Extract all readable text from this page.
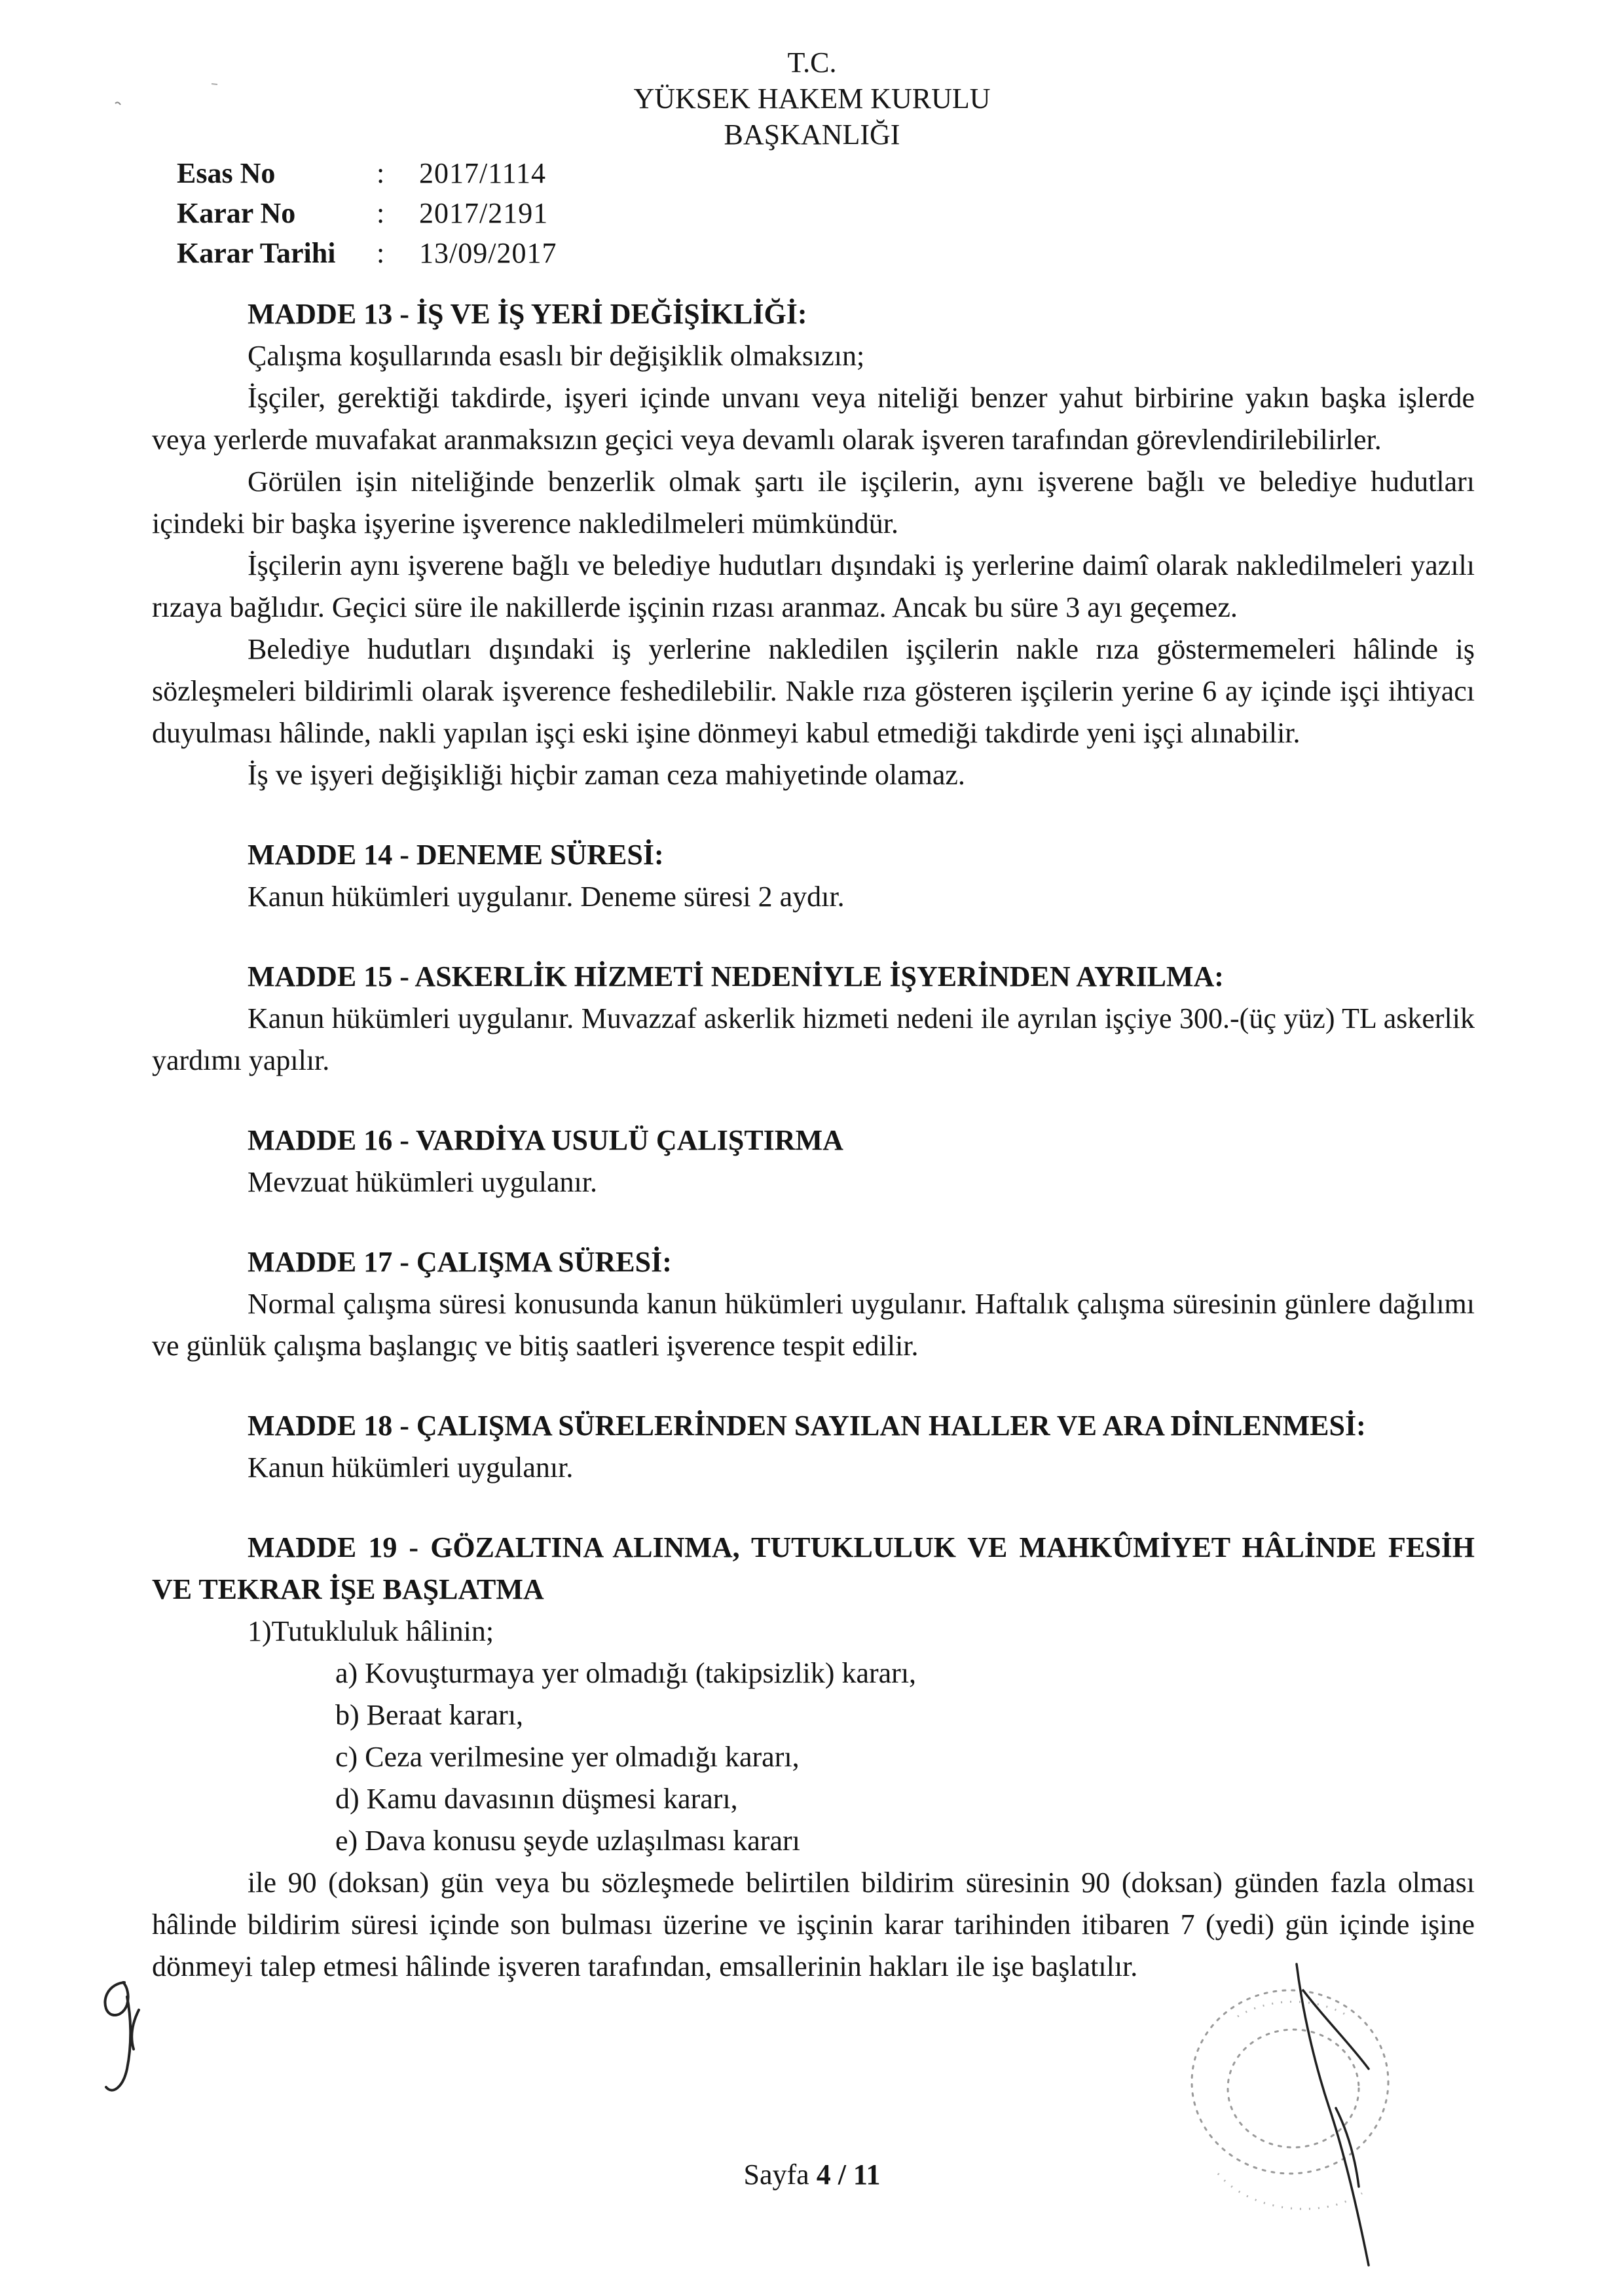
T.C.
YÜKSEK HAKEM KURULU
BAŞKANLIĞI
Esas No	:	2017/1114
Karar No	:	2017/2191
Karar Tarihi	:	13/09/2017
MADDE 13 - İŞ VE İŞ YERİ DEĞİŞİKLİĞİ:

Çalışma koşullarında esaslı bir değişiklik olmaksızın;

İşçiler, gerektiği takdirde, işyeri içinde unvanı veya niteliği benzer yahut birbirine yakın başka işlerde veya yerlerde muvafakat aranmaksızın geçici veya devamlı olarak işveren tarafından görevlendirilebilirler.

Görülen işin niteliğinde benzerlik olmak şartı ile işçilerin, aynı işverene bağlı ve belediye hudutları içindeki bir başka işyerine işverence nakledilmeleri mümkündür.

İşçilerin aynı işverene bağlı ve belediye hudutları dışındaki iş yerlerine daimî olarak nakledilmeleri yazılı rızaya bağlıdır. Geçici süre ile nakillerde işçinin rızası aranmaz. Ancak bu süre 3 ayı geçemez.

Belediye hudutları dışındaki iş yerlerine nakledilen işçilerin nakle rıza göstermemeleri hâlinde iş sözleşmeleri bildirimli olarak işverence feshedilebilir. Nakle rıza gösteren işçilerin yerine 6 ay içinde işçi ihtiyacı duyulması hâlinde, nakli yapılan işçi eski işine dönmeyi kabul etmediği takdirde yeni işçi alınabilir.

İş ve işyeri değişikliği hiçbir zaman ceza mahiyetinde olamaz.

MADDE 14 - DENEME SÜRESİ:

Kanun hükümleri uygulanır. Deneme süresi 2 aydır.

MADDE 15 - ASKERLİK HİZMETİ NEDENİYLE İŞYERİNDEN AYRILMA:

Kanun hükümleri uygulanır. Muvazzaf askerlik hizmeti nedeni ile ayrılan işçiye 300.-(üç yüz) TL askerlik yardımı yapılır.

MADDE 16 - VARDİYA USULÜ ÇALIŞTIRMA

Mevzuat hükümleri uygulanır.

MADDE 17 - ÇALIŞMA SÜRESİ:

Normal çalışma süresi konusunda kanun hükümleri uygulanır. Haftalık çalışma süresinin günlere dağılımı ve günlük çalışma başlangıç ve bitiş saatleri işverence tespit edilir.

MADDE 18 - ÇALIŞMA SÜRELERİNDEN SAYILAN HALLER VE ARA DİNLENMESİ:

Kanun hükümleri uygulanır.

MADDE 19 - GÖZALTINA ALINMA, TUTUKLULUK VE MAHKÛMİYET HÂLİNDE FESİH VE TEKRAR İŞE BAŞLATMA

1)Tutukluluk hâlinin;

a) Kovuşturmaya yer olmadığı (takipsizlik) kararı,
b) Beraat kararı,
c) Ceza verilmesine yer olmadığı kararı,
d) Kamu davasının düşmesi kararı,
e) Dava konusu şeyde uzlaşılması kararı

ile 90 (doksan) gün veya bu sözleşmede belirtilen bildirim süresinin 90 (doksan) günden fazla olması hâlinde bildirim süresi içinde son bulması üzerine ve işçinin karar tarihinden itibaren 7 (yedi) gün içinde işine dönmeyi talep etmesi hâlinde işveren tarafından, emsallerinin hakları ile işe başlatılır.

Sayfa 4 / 11
